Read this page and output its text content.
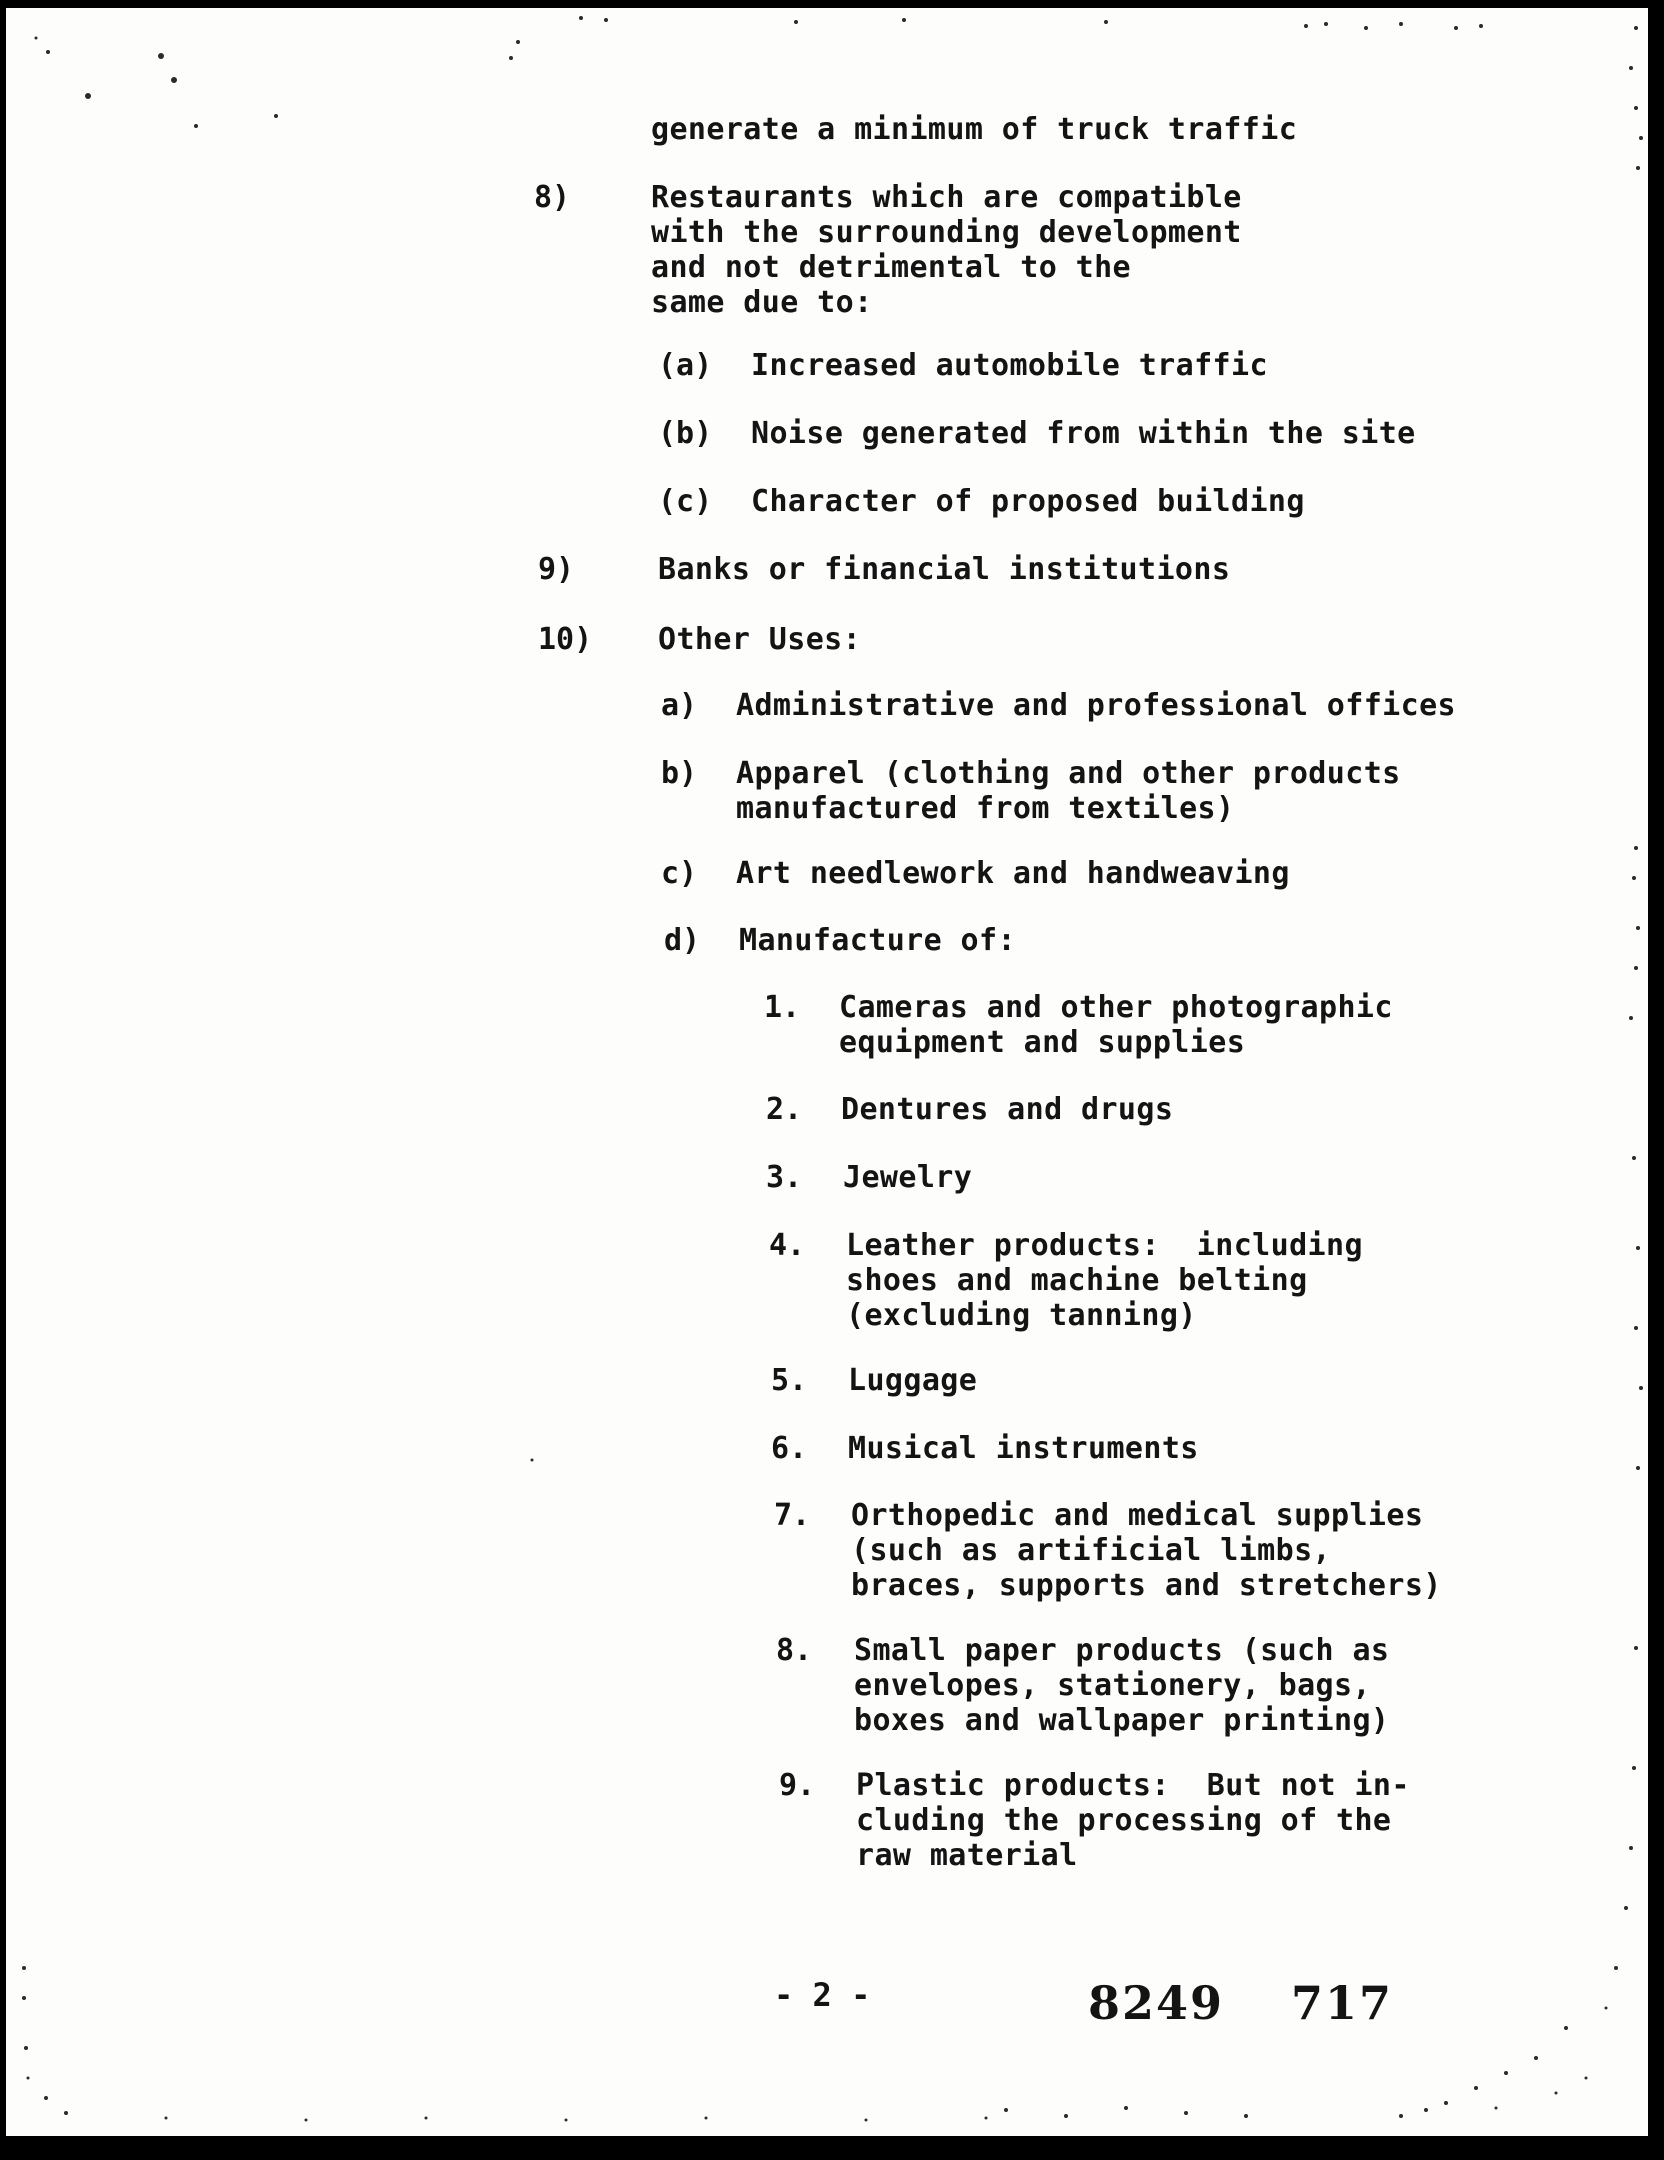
generate a minimum of truck traffic
8)	Restaurants which are compatible
with the surrounding development
and not detrimental to the
same due to:
(a) Increased automobile traffic
(b) Noise generated from within the site
(c) Character of proposed building
9)	Banks or financial institutions
10) Other Uses:
a) Administrative and professional offices
b) Apparel (clothing and other products
manufactured from textiles)
c) Art needlework and handweaving
d) Manufacture of:
1. Cameras and other photographic
equipment and supplies
2. Dentures and drugs
3. Jewelry
4. Leather products:  including
shoes and machine belting
(excluding tanning)
5. Luggage
6. Musical instruments
7. Orthopedic and medical supplies
(such as artificial limbs,
braces, supports and stretchers)
8. Small paper products (such as
envelopes, stationery, bags,
boxes and wallpaper printing)
9. Plastic products:  But not in-
cluding the processing of the
raw material
- 2 -	8249 717
